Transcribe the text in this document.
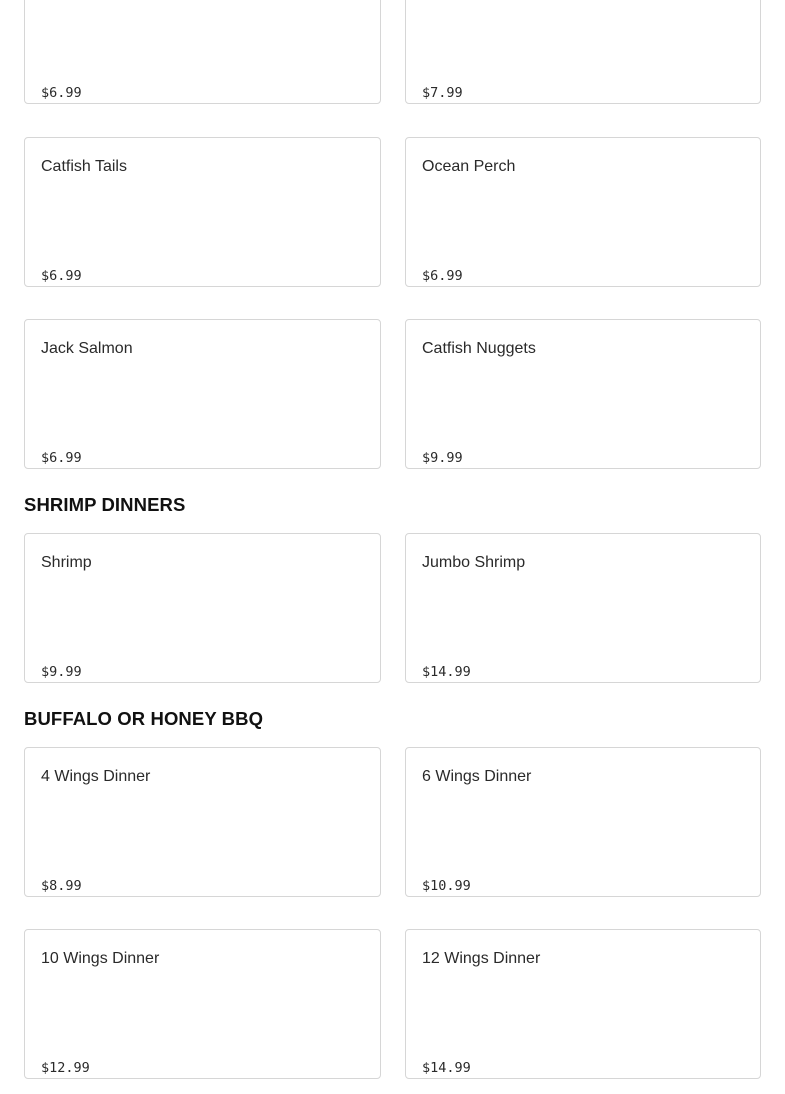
$6.99	$7.99
Catfish Tails
$6.99
Ocean Perch
$6.99
Jack Salmon
$6.99
Catfish Nuggets
$9.99
SHRIMP DINNERS
Shrimp
$9.99
Jumbo Shrimp
$14.99
BUFFALO OR HONEY BBQ
4 Wings Dinner
$8.99
6 Wings Dinner
$10.99
10 Wings Dinner
$12.99
12 Wings Dinner
$14.99
